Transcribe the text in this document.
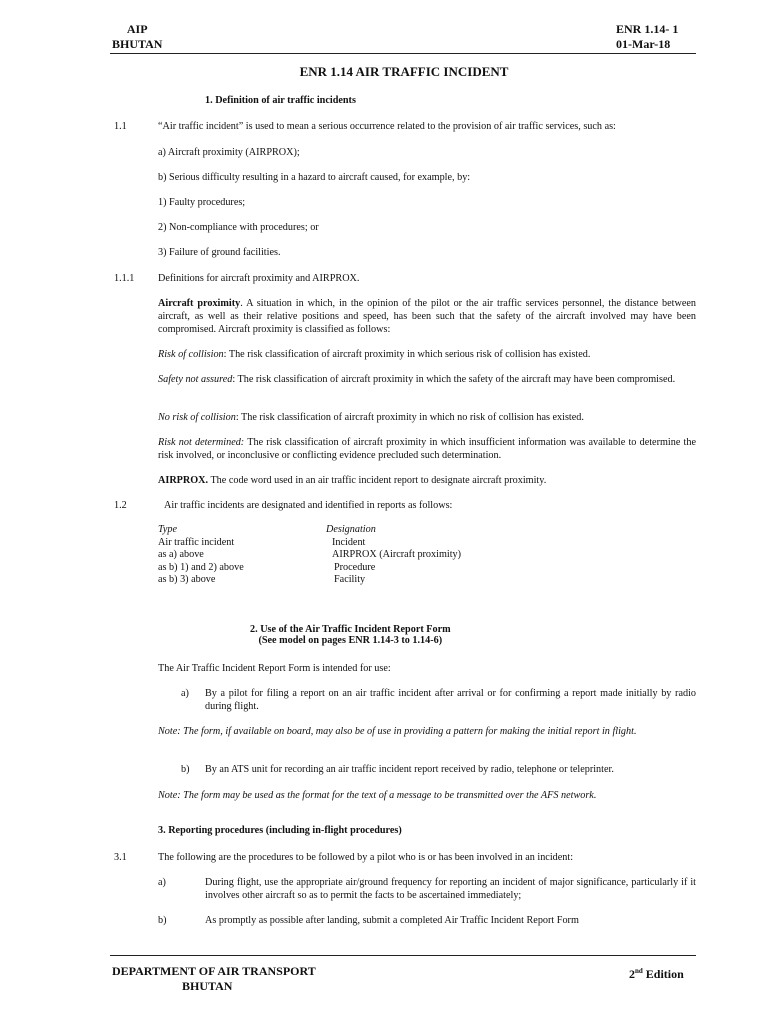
AIP
BHUTAN
ENR 1.14- 1
01-Mar-18
ENR 1.14 AIR TRAFFIC INCIDENT
1. Definition of air traffic incidents
1.1	“Air traffic incident” is used to mean a serious occurrence related to the provision of air traffic services, such as:
a) Aircraft proximity (AIRPROX);
b) Serious difficulty resulting in a hazard to aircraft caused, for example, by:
1) Faulty procedures;
2) Non-compliance with procedures; or
3) Failure of ground facilities.
1.1.1 Definitions for aircraft proximity and AIRPROX.
Aircraft proximity. A situation in which, in the opinion of the pilot or the air traffic services personnel, the distance between aircraft, as well as their relative positions and speed, has been such that the safety of the aircraft involved may have been compromised. Aircraft proximity is classified as follows:
Risk of collision: The risk classification of aircraft proximity in which serious risk of collision has existed.
Safety not assured: The risk classification of aircraft proximity in which the safety of the aircraft may have been compromised.
No risk of collision: The risk classification of aircraft proximity in which no risk of collision has existed.
Risk not determined: The risk classification of aircraft proximity in which insufficient information was available to determine the risk involved, or inconclusive or conflicting evidence precluded such determination.
AIRPROX. The code word used in an air traffic incident report to designate aircraft proximity.
1.2	Air traffic incidents are designated and identified in reports as follows:
Type	Designation
Air traffic incident	Incident
as a) above	AIRPROX (Aircraft proximity)
as b) 1) and 2) above	Procedure
as b) 3) above	Facility
2. Use of the Air Traffic Incident Report Form
(See model on pages ENR 1.14-3 to 1.14-6)
The Air Traffic Incident Report Form is intended for use:
a) By a pilot for filing a report on an air traffic incident after arrival or for confirming a report made initially by radio during flight.
Note: The form, if available on board, may also be of use in providing a pattern for making the initial report in flight.
b) By an ATS unit for recording an air traffic incident report received by radio, telephone or teleprinter.
Note: The form may be used as the format for the text of a message to be transmitted over the AFS network.
3. Reporting procedures (including in-flight procedures)
3.1	The following are the procedures to be followed by a pilot who is or has been involved in an incident:
a)	During flight, use the appropriate air/ground frequency for reporting an incident of major significance, particularly if it involves other aircraft so as to permit the facts to be ascertained immediately;
b)	As promptly as possible after landing, submit a completed Air Traffic Incident Report Form
DEPARTMENT OF AIR TRANSPORT
BHUTAN
2nd Edition
